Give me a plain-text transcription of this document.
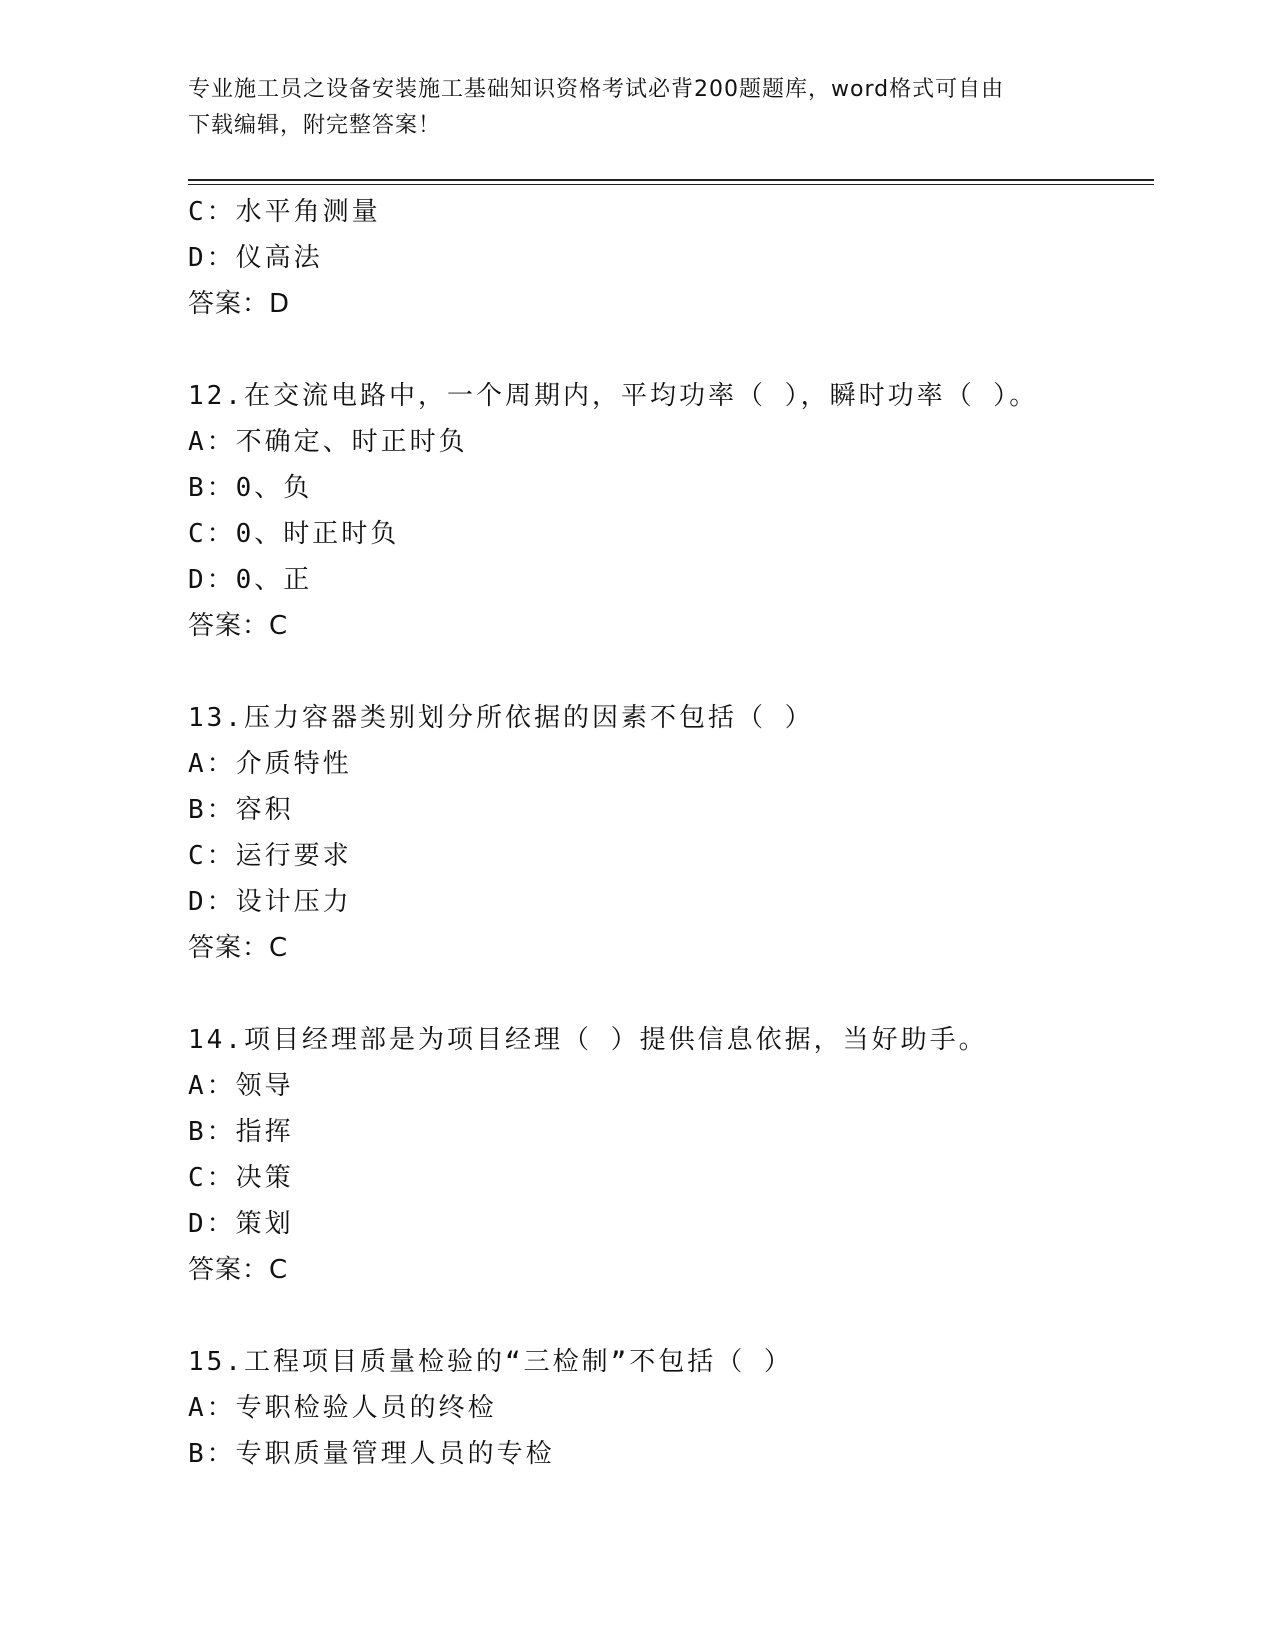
专业施工员之设备安装施工基础知识资格考试必背200题题库，word格式可自由
下载编辑，附完整答案！
C：水平角测量
D：仪高法
答案：D
12.在交流电路中，一个周期内，平均功率（ ），瞬时功率（ ）。
A：不确定、时正时负
B：0、负
C：0、时正时负
D：0、正
答案：C
13.压力容器类别划分所依据的因素不包括（ ）
A：介质特性
B：容积
C：运行要求
D：设计压力
答案：C
14.项目经理部是为项目经理（ ）提供信息依据，当好助手。
A：领导
B：指挥
C：决策
D：策划
答案：C
15.工程项目质量检验的“三检制”不包括（ ）
A：专职检验人员的终检
B：专职质量管理人员的专检
